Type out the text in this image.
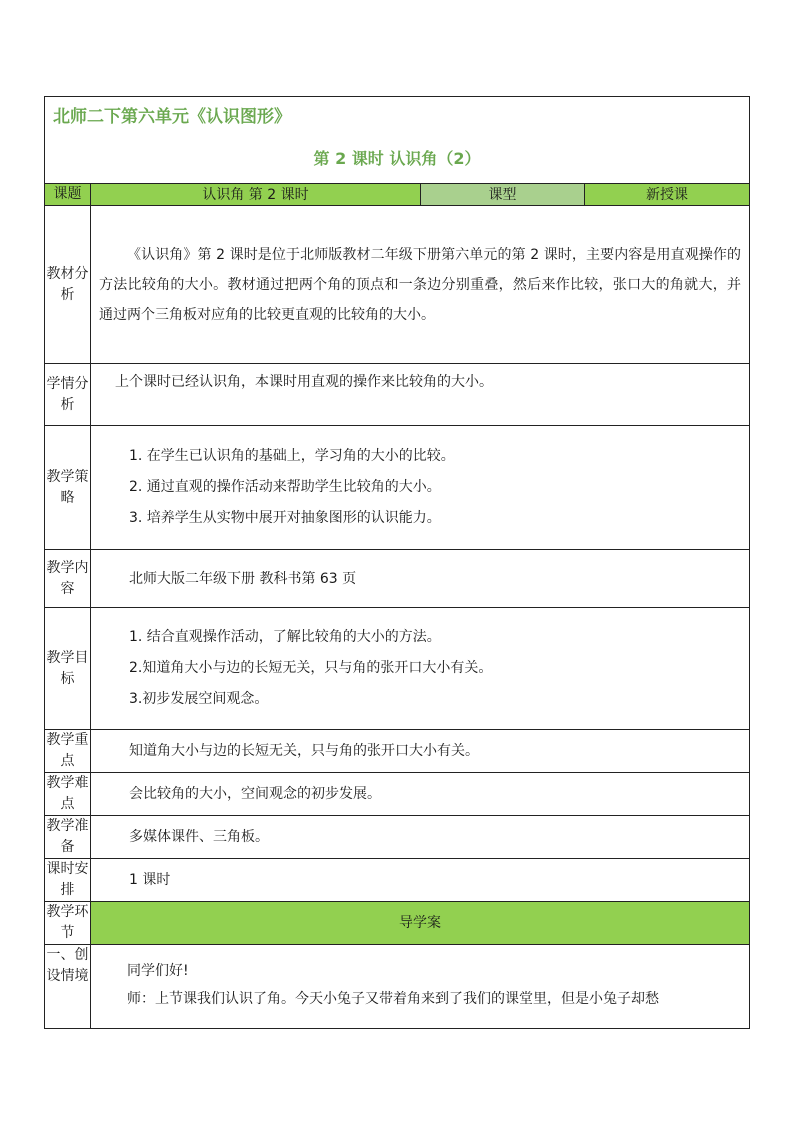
北师二下第六单元《认识图形》
第 2 课时 认识角（2）			

课题	认识角 第 2 课时	课型	新授课
教材分析	《认识角》第 2 课时是位于北师版教材二年级下册第六单元的第 2 课时，主要内容是用直观操作的方法比较角的大小。教材通过把两个角的顶点和一条边分别重叠，然后来作比较，张口大的角就大，并通过两个三角板对应角的比较更直观的比较角的大小。		

学情分析	上个课时已经认识角，本课时用直观的操作来比较角的大小。		

教学策略	1. 在学生已认识角的基础上，学习角的大小的比较。

2. 通过直观的操作活动来帮助学生比较角的大小。

3. 培养学生从实物中展开对抽象图形的认识能力。		

教学内容	北师大版二年级下册 教科书第 63 页		
教学目标	1. 结合直观操作活动，了解比较角的大小的方法。

2.知道角大小与边的长短无关，只与角的张开口大小有关。

3.初步发展空间观念。		

教学重点	知道角大小与边的长短无关，只与角的张开口大小有关。		
教学难点	会比较角的大小，空间观念的初步发展。		
教学准备	多媒体课件、三角板。		
课时安排	1 课时		
教学环节	导学案		
一、创设情境	同学们好!

师：上节课我们认识了角。今天小兔子又带着角来到了我们的课堂里，但是小兔子却愁		
